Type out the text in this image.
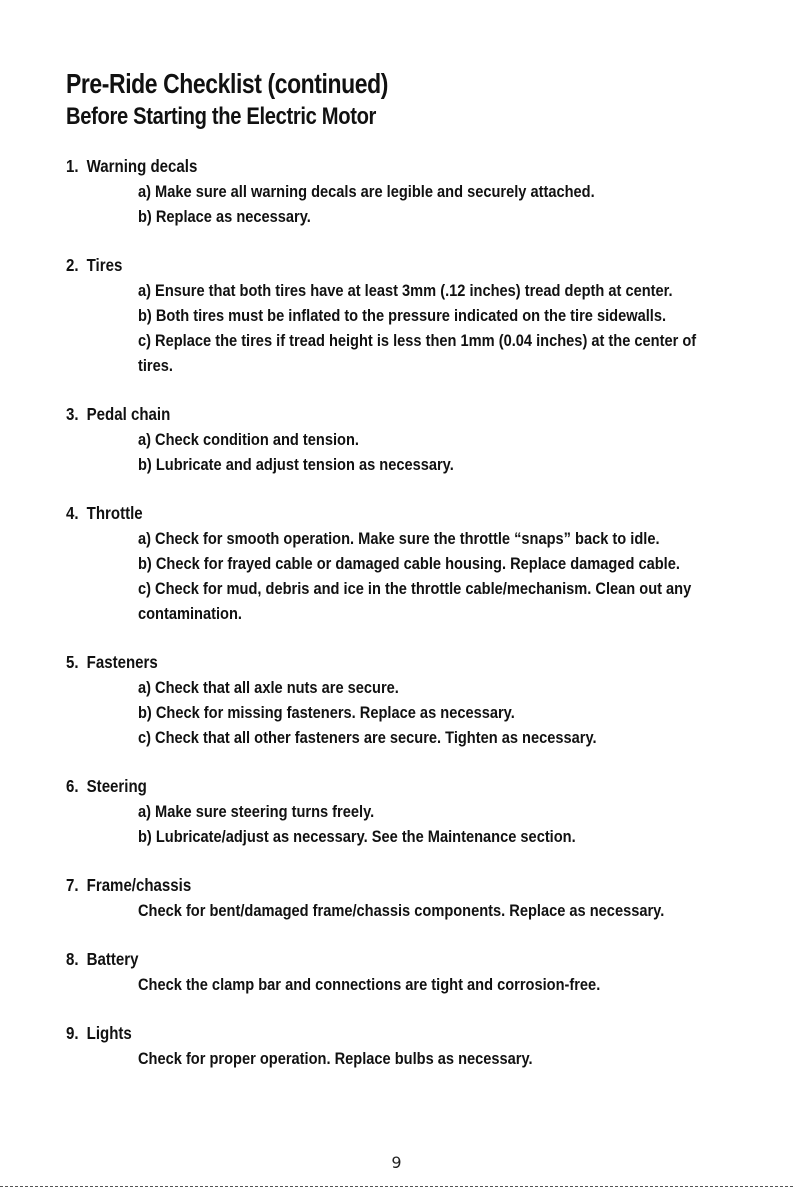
Pre-Ride Checklist (continued)
Before Starting the Electric Motor
1. Warning decals
a) Make sure all warning decals are legible and securely attached.
b) Replace as necessary.
2. Tires
a) Ensure that both tires have at least 3mm (.12 inches) tread depth at center.
b) Both tires must be inflated to the pressure indicated on the tire sidewalls.
c) Replace the tires if tread height is less then 1mm (0.04 inches) at the center of tires.
3. Pedal chain
a) Check condition and tension.
b) Lubricate and adjust tension as necessary.
4. Throttle
a) Check for smooth operation. Make sure the throttle “snaps” back to idle.
b) Check for frayed cable or damaged cable housing. Replace damaged cable.
c) Check for mud, debris and ice in the throttle cable/mechanism. Clean out any contamination.
5. Fasteners
a) Check that all axle nuts are secure.
b) Check for missing fasteners. Replace as necessary.
c) Check that all other fasteners are secure. Tighten as necessary.
6. Steering
a) Make sure steering turns freely.
b) Lubricate/adjust as necessary. See the Maintenance section.
7. Frame/chassis
Check for bent/damaged frame/chassis components. Replace as necessary.
8. Battery
Check the clamp bar and connections are tight and corrosion-free.
9. Lights
Check for proper operation. Replace bulbs as necessary.
9
